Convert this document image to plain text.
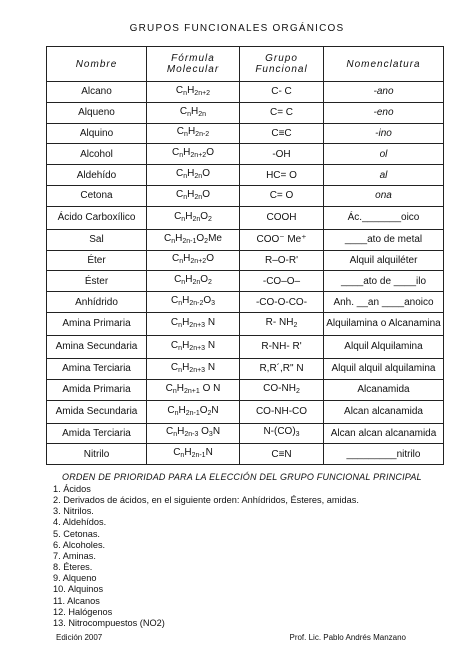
GRUPOS FUNCIONALES ORGÁNICOS
Nombre	Fórmula Molecular	Grupo Funcional	Nomenclatura
Alcano	$C_nH_{2n+2}$	C- C	-ano
Alqueno	$C_nH_{2n}$	C= C	-eno
Alquino	$C_nH_{2n-2}$	C≡C	-ino
Alcohol	$C_nH_{2n+2}O$	-OH	ol
Aldehído	$C_nH_{2n}O$	HC= O	al
Cetona	$C_nH_{2n}O$	C= O	ona
Ácido Carboxílico	$C_nH_{2n}O_2$	COOH	Ác._______oico
Sal	$C_nH_{2n-1}O_2Me$	COO⁻ Me⁺	____ato de metal
Éter	$C_nH_{2n+2}O$	R–O-R'	Alquil alquiléter
Éster	$C_nH_{2n}O_2$	-CO–O–	____ato de ____ilo
Anhídrido	$C_nH_{2n-2}O_3$	-CO-O-CO-	Anh. __an ____anoico
Amina Primaria	$C_nH_{2n+3}$ N	R- $NH_2$	Alquilamina o Alcanamina
Amina Secundaria	$C_nH_{2n+3}$ N	R-NH- R'	Alquil Alquilamina
Amina Terciaria	$C_nH_{2n+3}$ N	R,R´,R" N	Alquil alquil alquilamina
Amida Primaria	$C_nH_{2n+1}$ O N	$CO-NH_2$	Alcanamida
Amida Secundaria	$C_nH_{2n-1}O_2N$	CO-NH-CO	Alcan alcanamida
Amida Terciaria	$C_nH_{2n-3}$ $O_3N$	$N-(CO)_3$	Alcan alcan alcanamida
Nitrilo	$C_nH_{2n-1}N$	C≡N	_________nitrilo
ORDEN DE PRIORIDAD PARA LA ELECCIÓN DEL GRUPO FUNCIONAL PRINCIPAL
1. Ácidos
2. Derivados de ácidos, en el siguiente orden: Anhídridos, Ésteres, amidas.
3. Nitrilos.
4. Aldehídos.
5. Cetonas.
6. Alcoholes.
7. Aminas.
8. Éteres.
9. Alqueno
10. Alquinos
11. Alcanos
12. Halógenos
13. Nitrocompuestos (NO2)
Edición 2007	Prof. Lic. Pablo Andrés Manzano
